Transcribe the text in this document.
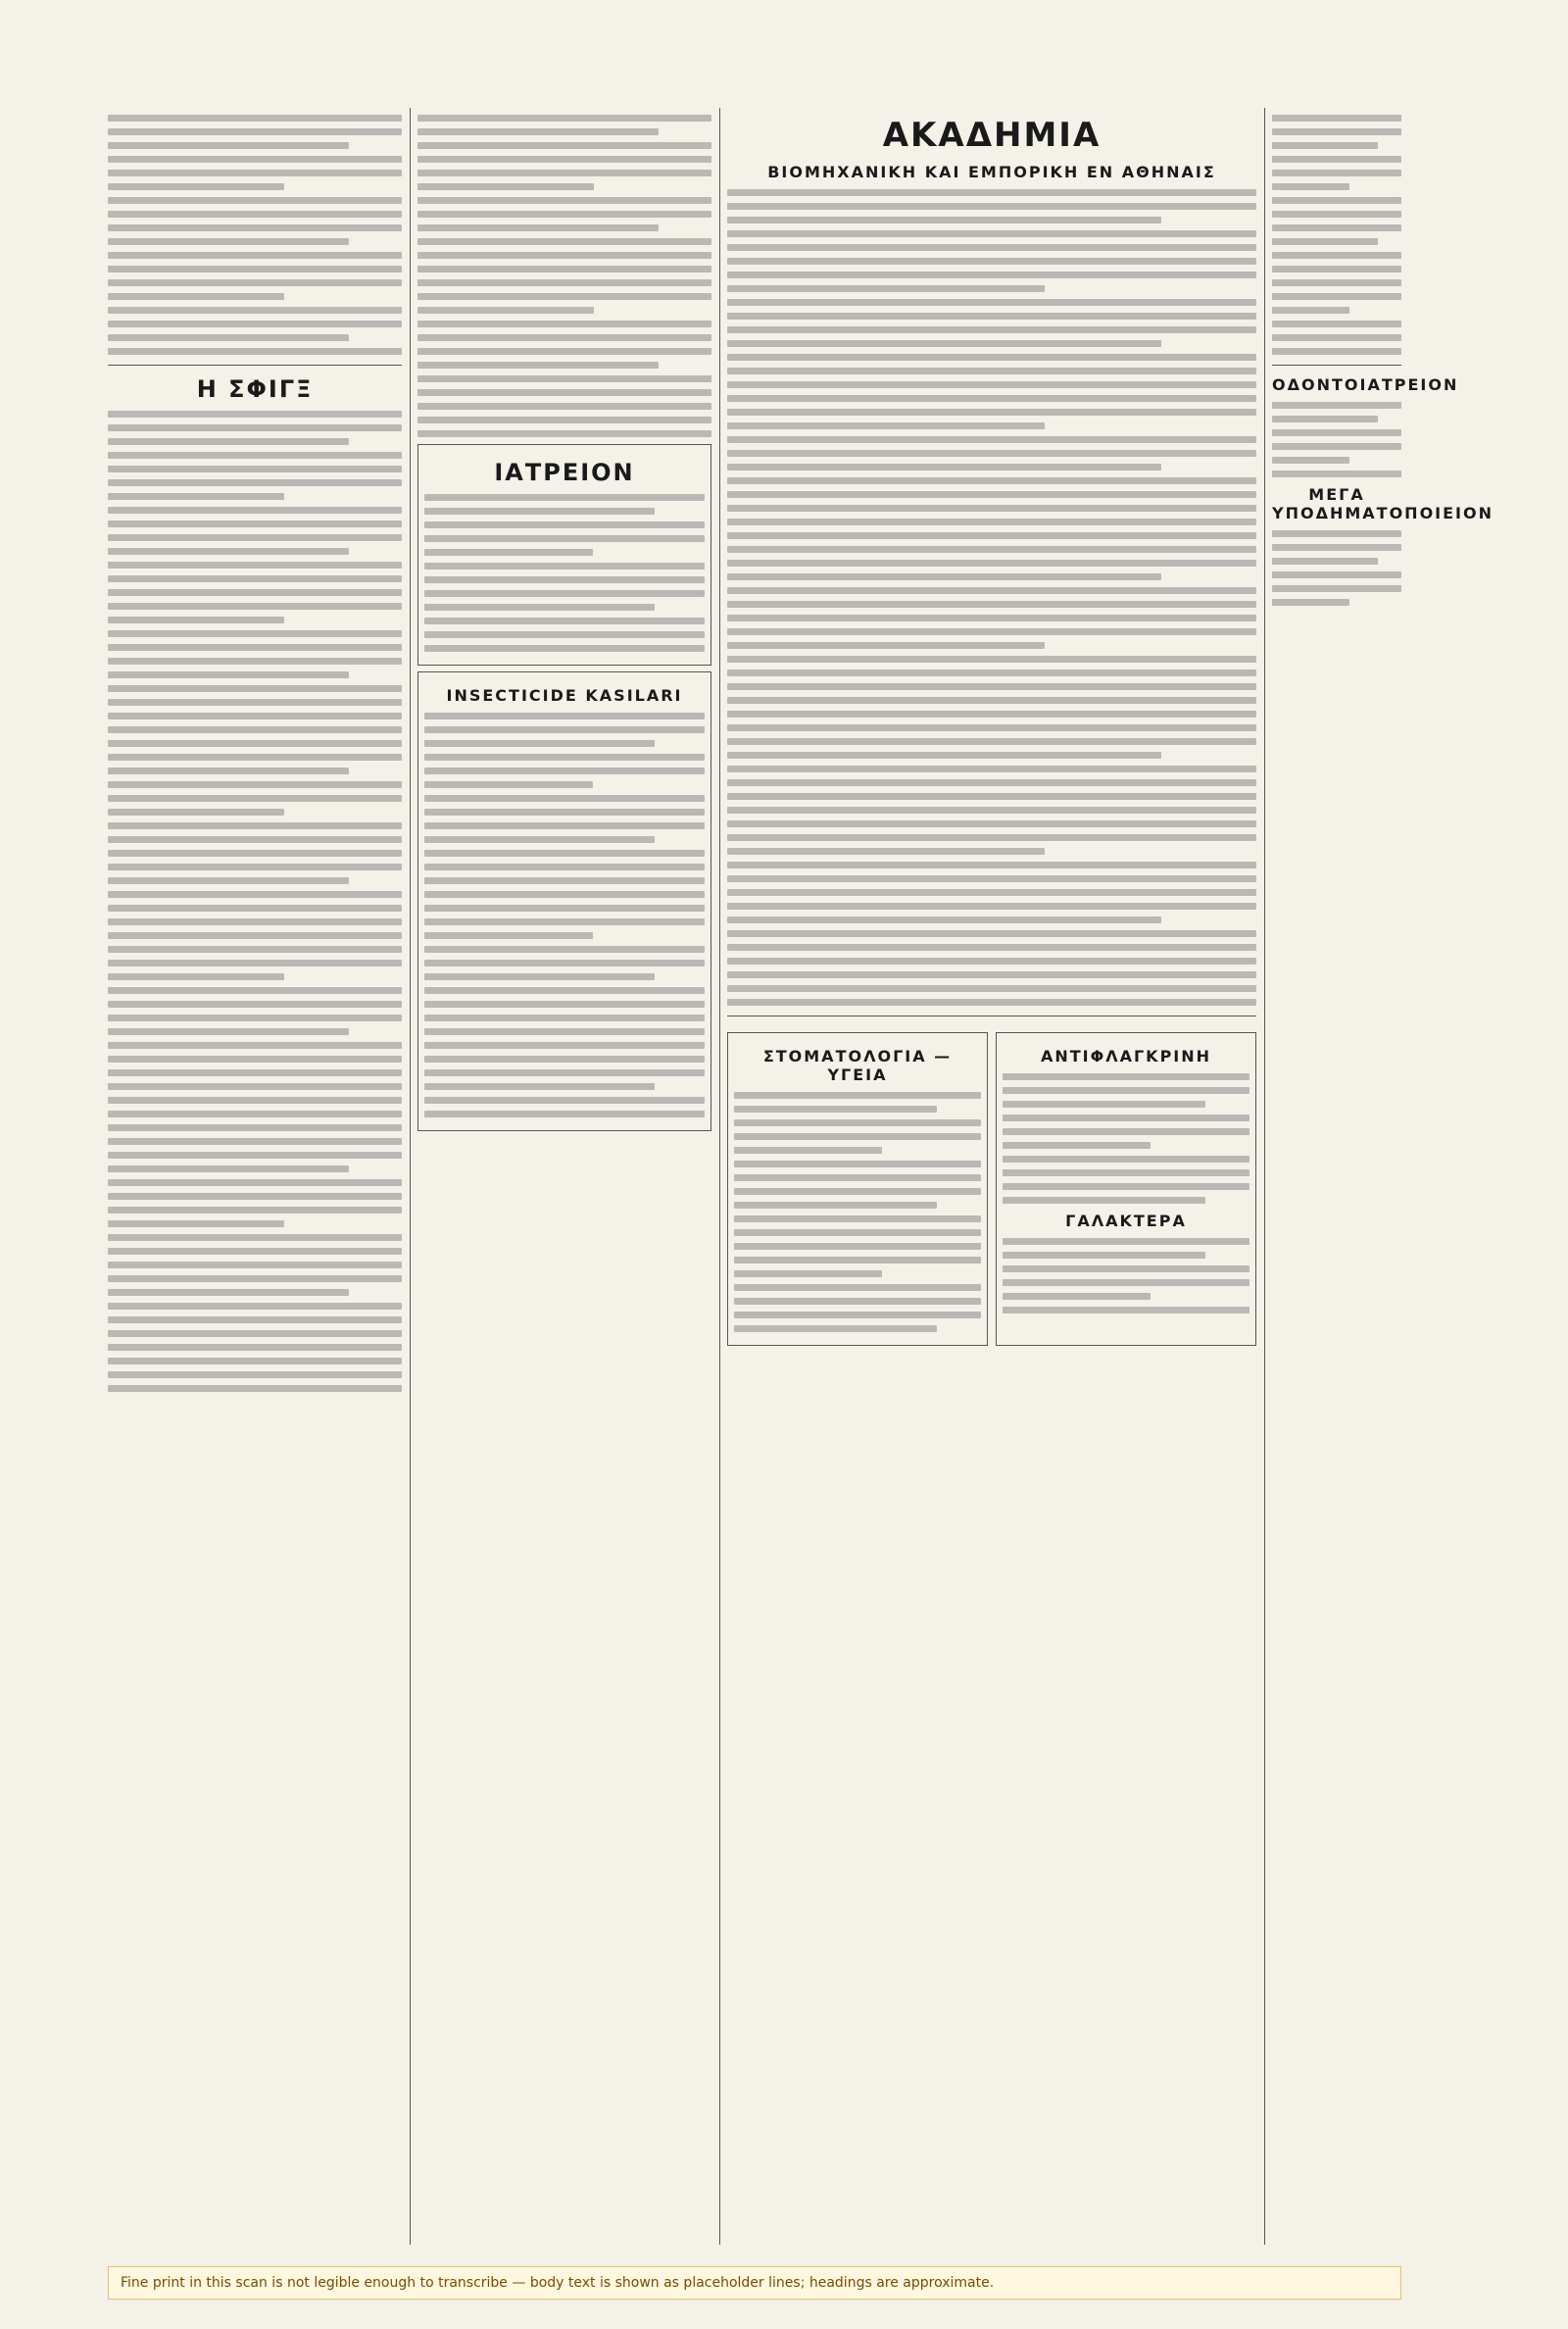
Η ΣΦΙΓΞ
ΙΑΤΡΕΙΟΝ
INSECTICIDE KASILARI
ΑΚΑΔΗΜΙΑ
ΒΙΟΜΗΧΑΝΙΚΗ ΚΑΙ ΕΜΠΟΡΙΚΗ ΕΝ ΑΘΗΝΑΙΣ
ΣΤΟΜΑΤΟΛΟΓΙΑ — ΥΓΕΙΑ
ΑΝΤΙΦΛΑΓΚΡΙΝΗ
ΓΑΛΑΚΤΕΡΑ
ΟΔΟΝΤΟΙΑΤΡΕΙΟΝ
ΜΕΓΑ ΥΠΟΔΗΜΑΤΟΠΟΙΕΙΟΝ
Fine print in this scan is not legible enough to transcribe — body text is shown as placeholder lines; headings are approximate.
